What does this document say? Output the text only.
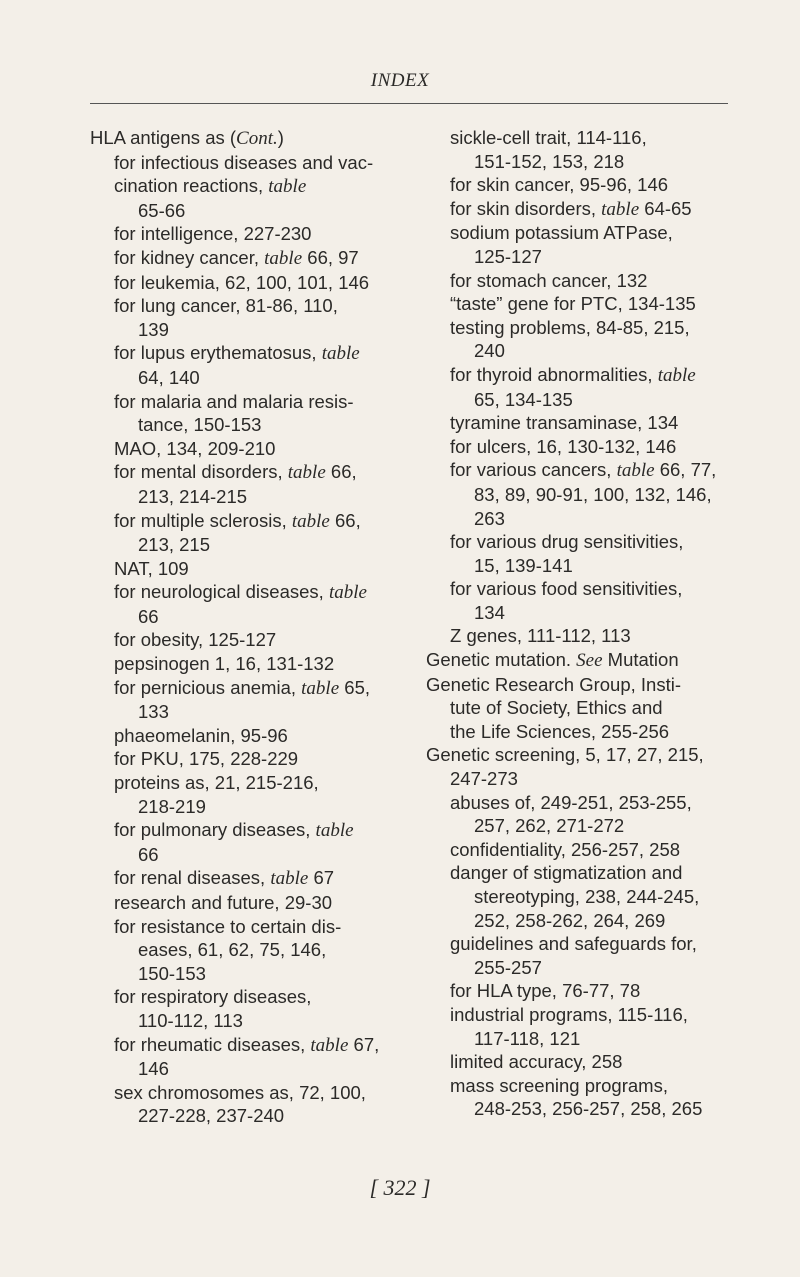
INDEX
HLA antigens as (Cont.)
for infectious diseases and vac-
cination reactions, table
65-66
for intelligence, 227-230
for kidney cancer, table 66, 97
for leukemia, 62, 100, 101, 146
for lung cancer, 81-86, 110,
139
for lupus erythematosus, table
64, 140
for malaria and malaria resis-
tance, 150-153
MAO, 134, 209-210
for mental disorders, table 66,
213, 214-215
for multiple sclerosis, table 66,
213, 215
NAT, 109
for neurological diseases, table
66
for obesity, 125-127
pepsinogen 1, 16, 131-132
for pernicious anemia, table 65,
133
phaeomelanin, 95-96
for PKU, 175, 228-229
proteins as, 21, 215-216,
218-219
for pulmonary diseases, table
66
for renal diseases, table 67
research and future, 29-30
for resistance to certain dis-
eases, 61, 62, 75, 146,
150-153
for respiratory diseases,
110-112, 113
for rheumatic diseases, table 67,
146
sex chromosomes as, 72, 100,
227-228, 237-240
sickle-cell trait, 114-116,
151-152, 153, 218
for skin cancer, 95-96, 146
for skin disorders, table 64-65
sodium potassium ATPase,
125-127
for stomach cancer, 132
“taste” gene for PTC, 134-135
testing problems, 84-85, 215,
240
for thyroid abnormalities, table
65, 134-135
tyramine transaminase, 134
for ulcers, 16, 130-132, 146
for various cancers, table 66, 77,
83, 89, 90-91, 100, 132, 146,
263
for various drug sensitivities,
15, 139-141
for various food sensitivities,
134
Z genes, 111-112, 113
Genetic mutation. See Mutation
Genetic Research Group, Insti-
tute of Society, Ethics and
the Life Sciences, 255-256
Genetic screening, 5, 17, 27, 215,
247-273
abuses of, 249-251, 253-255,
257, 262, 271-272
confidentiality, 256-257, 258
danger of stigmatization and
stereotyping, 238, 244-245,
252, 258-262, 264, 269
guidelines and safeguards for,
255-257
for HLA type, 76-77, 78
industrial programs, 115-116,
117-118, 121
limited accuracy, 258
mass screening programs,
248-253, 256-257, 258, 265
[ 322 ]
